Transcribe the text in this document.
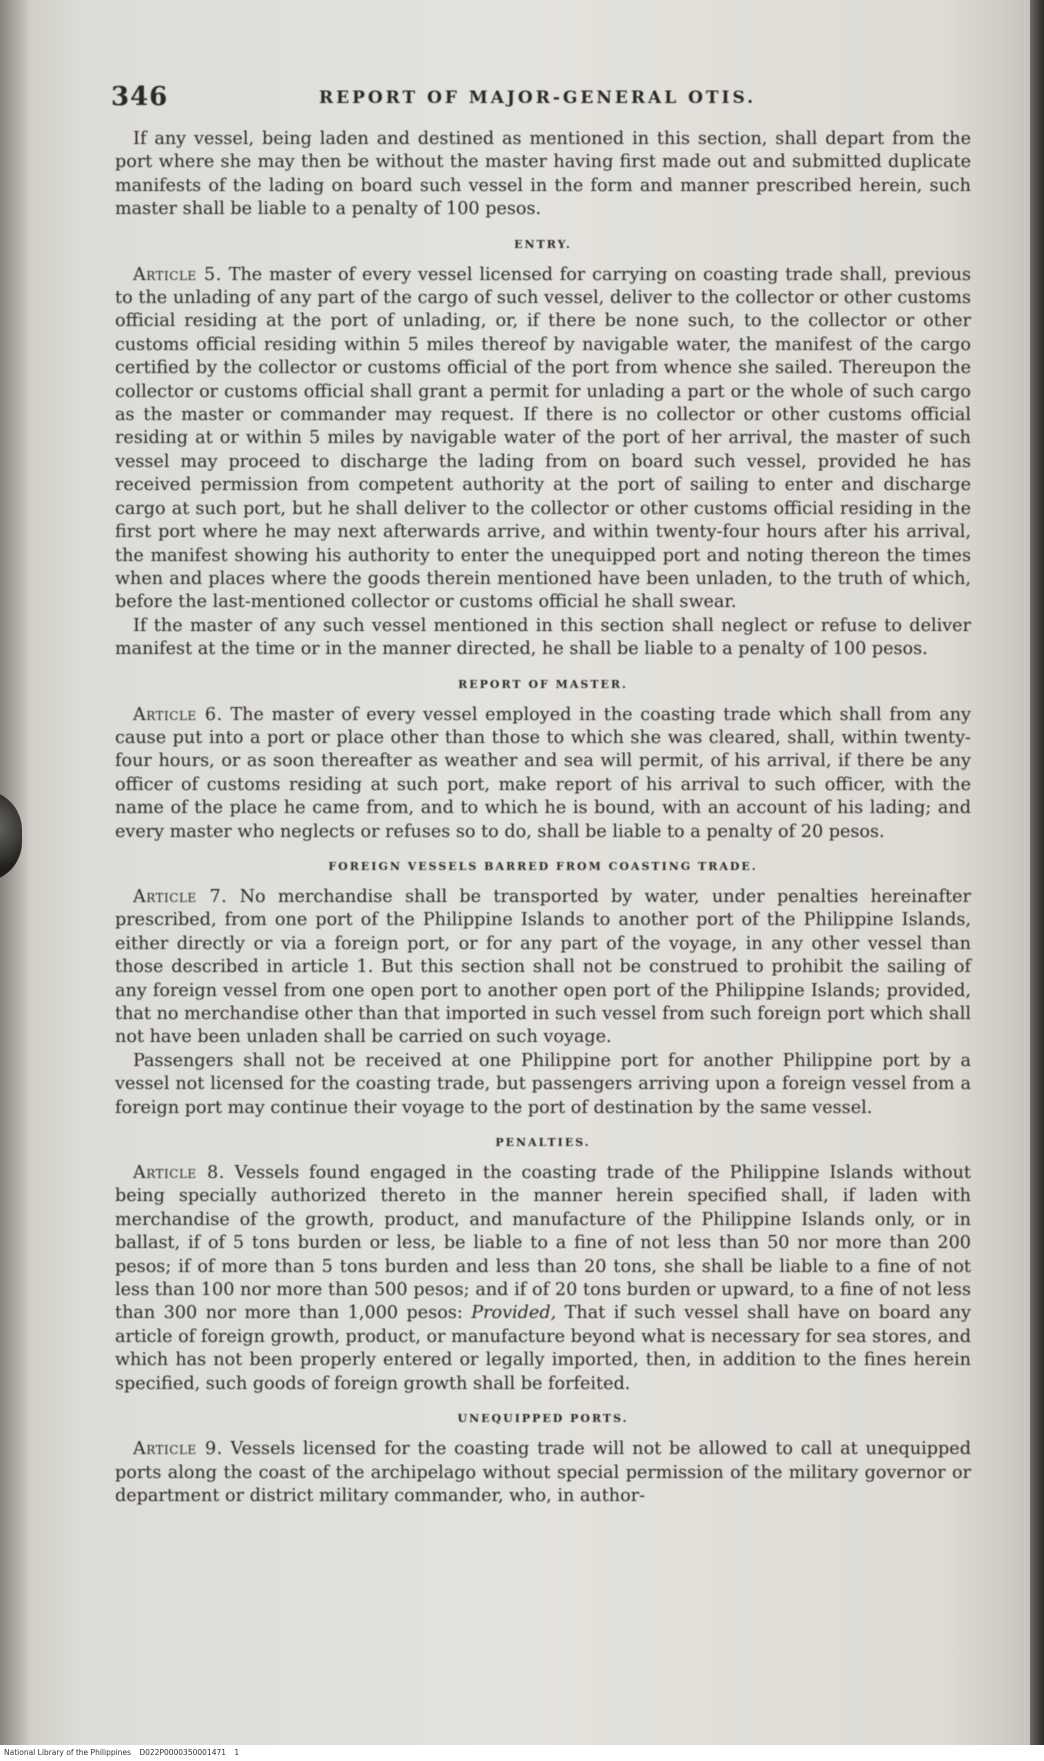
346	REPORT OF MAJOR-GENERAL OTIS.

If any vessel, being laden and destined as mentioned in this section, shall depart from the port where she may then be without the master having first made out and submitted duplicate manifests of the lading on board such vessel in the form and manner prescribed herein, such master shall be liable to a penalty of 100 pesos.

ENTRY.

Article 5. The master of every vessel licensed for carrying on coasting trade shall, previous to the unlading of any part of the cargo of such vessel, deliver to the collector or other customs official residing at the port of unlading, or, if there be none such, to the collector or other customs official residing within 5 miles thereof by navigable water, the manifest of the cargo certified by the collector or customs official of the port from whence she sailed. Thereupon the collector or customs official shall grant a permit for unlading a part or the whole of such cargo as the master or commander may request. If there is no collector or other customs official residing at or within 5 miles by navigable water of the port of her arrival, the master of such vessel may proceed to discharge the lading from on board such vessel, provided he has received permission from competent authority at the port of sailing to enter and discharge cargo at such port, but he shall deliver to the collector or other customs official residing in the first port where he may next afterwards arrive, and within twenty-four hours after his arrival, the manifest showing his authority to enter the unequipped port and noting thereon the times when and places where the goods therein mentioned have been unladen, to the truth of which, before the last-mentioned collector or customs official he shall swear.

If the master of any such vessel mentioned in this section shall neglect or refuse to deliver manifest at the time or in the manner directed, he shall be liable to a penalty of 100 pesos.

REPORT OF MASTER.

Article 6. The master of every vessel employed in the coasting trade which shall from any cause put into a port or place other than those to which she was cleared, shall, within twenty-four hours, or as soon thereafter as weather and sea will permit, of his arrival, if there be any officer of customs residing at such port, make report of his arrival to such officer, with the name of the place he came from, and to which he is bound, with an account of his lading; and every master who neglects or refuses so to do, shall be liable to a penalty of 20 pesos.

FOREIGN VESSELS BARRED FROM COASTING TRADE.

Article 7. No merchandise shall be transported by water, under penalties hereinafter prescribed, from one port of the Philippine Islands to another port of the Philippine Islands, either directly or via a foreign port, or for any part of the voyage, in any other vessel than those described in article 1. But this section shall not be construed to prohibit the sailing of any foreign vessel from one open port to another open port of the Philippine Islands; provided, that no merchandise other than that imported in such vessel from such foreign port which shall not have been unladen shall be carried on such voyage.

Passengers shall not be received at one Philippine port for another Philippine port by a vessel not licensed for the coasting trade, but passengers arriving upon a foreign vessel from a foreign port may continue their voyage to the port of destination by the same vessel.

PENALTIES.

Article 8. Vessels found engaged in the coasting trade of the Philippine Islands without being specially authorized thereto in the manner herein specified shall, if laden with merchandise of the growth, product, and manufacture of the Philippine Islands only, or in ballast, if of 5 tons burden or less, be liable to a fine of not less than 50 nor more than 200 pesos; if of more than 5 tons burden and less than 20 tons, she shall be liable to a fine of not less than 100 nor more than 500 pesos; and if of 20 tons burden or upward, to a fine of not less than 300 nor more than 1,000 pesos: Provided, That if such vessel shall have on board any article of foreign growth, product, or manufacture beyond what is necessary for sea stores, and which has not been properly entered or legally imported, then, in addition to the fines herein specified, such goods of foreign growth shall be forfeited.

UNEQUIPPED PORTS.

Article 9. Vessels licensed for the coasting trade will not be allowed to call at unequipped ports along the coast of the archipelago without special permission of the military governor or department or district military commander, who, in author-

National Library of the Philippines D022P0000350001471 1
